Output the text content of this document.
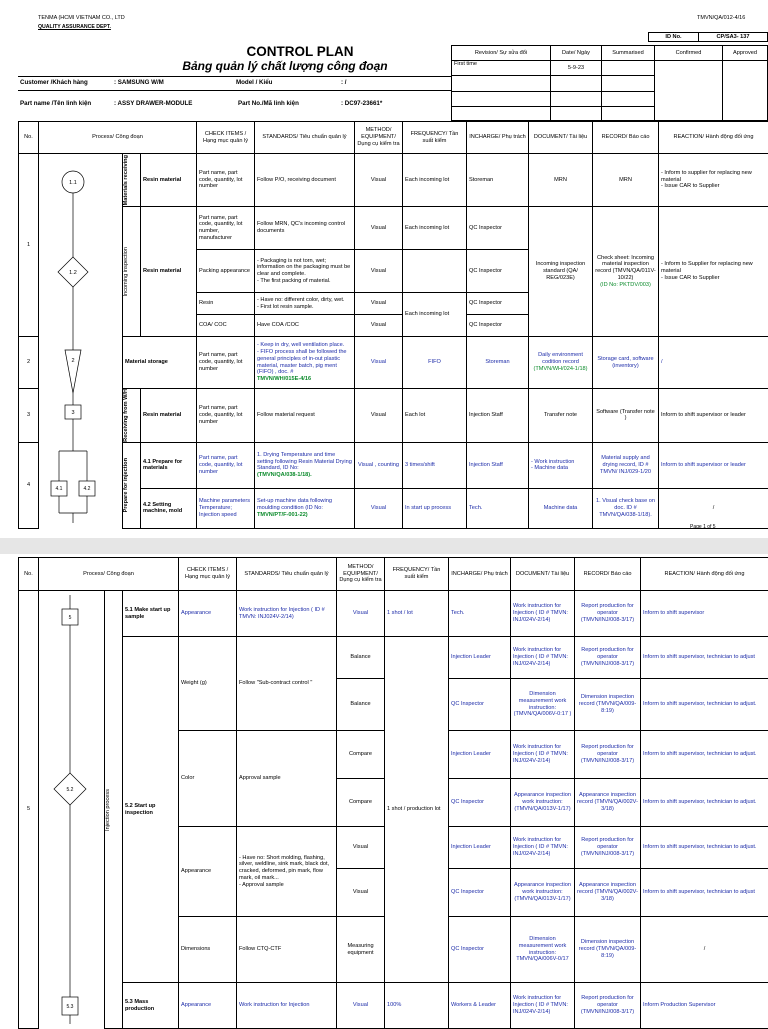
TENMA (HCMI VIETNAM CO., LTD
QUALITY ASSURANCE DEPT.
TMVN/QA/012-4/16
ID No.	CP/SA3- 137
CONTROL PLAN
Bảng quản lý chất lượng công đoạn
Revision/ Sự sửa đổi	Date/ Ngày	Summarised	Confirmed	Approved
First time	5-9-23			

Customer /Khách hàng	: SAMSUNG W/M	Model / Kiểu	: /
Part name /Tên linh kiện	: ASSY DRAWER-MODULE	Part No./Mã linh kiện	: DC97-23661*
No.	Process/ Công đoạn			CHECK ITEMS / Hạng mục quản lý	STANDARDS/ Tiêu chuẩn quản lý	METHOD/ EQUIPMENT/ Dụng cụ kiểm tra	FREQUENCY/ Tần suất kiểm	INCHARGE/ Phụ trách	DOCUMENT/ Tài liệu	RECORD/ Báo cáo	REACTION/ Hành động đối ứng
1		Materials receiving	Resin material	Part name, part code, quantity, lot number	Follow P/O, receiving document	Visual	Each incoming lot	Storeman	MRN	MRN	- Inform to supplier for replacing new material
- Issue CAR to Supplier

		Incoming inspection	Resin material	Part name, part code, quantity, lot number, manufacturer	Follow MRN, QC's incoming control documents	Visual	Each incoming lot	QC Inspector	Incoming inspection standard (QA/ REG/023E)	Check sheet: Incoming material inspection record (TMVN/QA/011V-10/22)
(ID No: PKTDV/003)	- Inform to Supplier for replacing new material
- Issue CAR to Supplier
				Packing appearance	- Packaging is not torn, wet; information on the packaging must be clear and complete.
- The first packing of material.	Visual		QC Inspector			
				Resin	- Have no: different color, dirty, wet.
- First lot resin sample.	Visual	Each incoming lot	QC Inspector			
				COA/ COC	Have COA /COC	Visual		QC Inspector			
2		Material storage		Part name, part code, quantity, lot number	- Keep in dry, well ventilation place.
- FIFO process shall be followed the general principles of in-out plastic material, master batch, pig ment (FIFO) , doc. #
TMVN/WH/015E-4/16	Visual	FIFO	Storeman	Daily environment codition record
(TMVN/WH/024-1/18)	Storage card, software (inventory)	/
3		Receiving from W/H	Resin material	Part name, part code, quantity, lot number	Follow material request	Visual	Each lot	Injection Staff	Transfer note	Software (Transfer note )	Inform to shift supervisor or leader
4		Prepare for injection	4.1 Prepare for materials	Part name, part code, quantity, lot number	1. Drying Temperature and time setting following Resin Material Drying Standard, ID No:
(TMVN/QA/038-1/18).	Visual , counting	3 times/shift	Injection Staff	- Work instruction
- Machine data	Material supply and drying record, ID # TMVN/ INJ/029-1/20	Inform to shift supervisor or leader
			4.2 Setting machine, mold	Machine parameters Temperature; Injection speed	Set-up machine data following moulding condition (ID No:
TMVN/PT/F-001-22)	Visual	In start up process	Tech.	Machine data	1. Visual check base on doc. ID # TMVN/QA/038-1/18).	/
1.1
1.2
2
3
4.1	4.2
Page 1 of 5
No.	Process/ Công đoạn			CHECK ITEMS / Hạng mục quản lý	STANDARDS/ Tiêu chuẩn quản lý	METHOD/ EQUIPMENT/ Dụng cụ kiểm tra	FREQUENCY/ Tần suất kiểm	INCHARGE/ Phụ trách	DOCUMENT/ Tài liệu	RECORD/ Báo cáo	REACTION/ Hành động đối ứng
5		Injection process	5.1 Make start up sample	Appearance	Work instruction for Injection ( ID # TMVN: INJ024V-2/14)	Visual	1 shot / lot	Tech.	Work instruction for Injection ( ID # TMVN: INJ/024V-2/14)	Report production for operator (TMVN/INJ/008-3/17)	Inform to shift supervisor
			5.2 Start up inspection	Weight (g)	Follow "Sub-contract control "	Balance	1 shot / production lot	Injection Leader	Work instruction for Injection ( ID # TMVN: INJ/024V-2/14)	Report production for operator (TMVN/INJ/008-3/17)	Inform to shift supervisor, technician to adjust
						Balance		QC Inspector	Dimension measurement work instruction: (TMVN/QA/006V-0:17 )	Dimension inspection record (TMVN/QA/009-8:19)	Inform to shift supervisor, technician to adjust.
				Color	Approval sample	Compare		Injection Leader	Work instruction for Injection ( ID # TMVN: INJ/024V-2/14)	Report production for operator (TMVN/INJ/008-3/17)	Inform to shift supervisor, technician to adjust.
						Compare		QC Inspector	Appearance inspection work instruction: (TMVN/QA/013V-1/17)	Appearance inspection record (TMVN/QA/002V-3/18)	Inform to shift supervisor, technician to adjust.
				Appearance	- Have no: Short molding, flashing, silver, weldline, sink mark, black dot, cracked, deformed, pin mark, flow mark, oil mark...
- Approval sample	Visual		Injection Leader	Work instruction for Injection ( ID # TMVN: INJ/024V-2/14)	Report production for operator (TMVN/INJ/008-3/17)	Inform to shift supervisor, technician to adjust.
						Visual		QC Inspector	Appearance inspection work instruction: (TMVN/QA/013V-1/17)	Appearance inspection record (TMVN/QA/002V-3/18)	Inform to shift supervisor, technician to adjust
				Dimensions	Follow CTQ-CTF	Measuring equipment		QC Inspector	Dimension measurement work instruction: TMVN/QA/006V-0/17	Dimension inspection record (TMVN/QA/009-8:19)	/
			5.3 Mass production	Appearance	Work instruction for Injection	Visual	100%	Workers & Leader	Work instruction for Injection ( ID # TMVN: INJ/024V-2/14)	Report production for operator (TMVN/INJ/008-3/17)	Inform Production Supervisor
5
5.2
5.3
